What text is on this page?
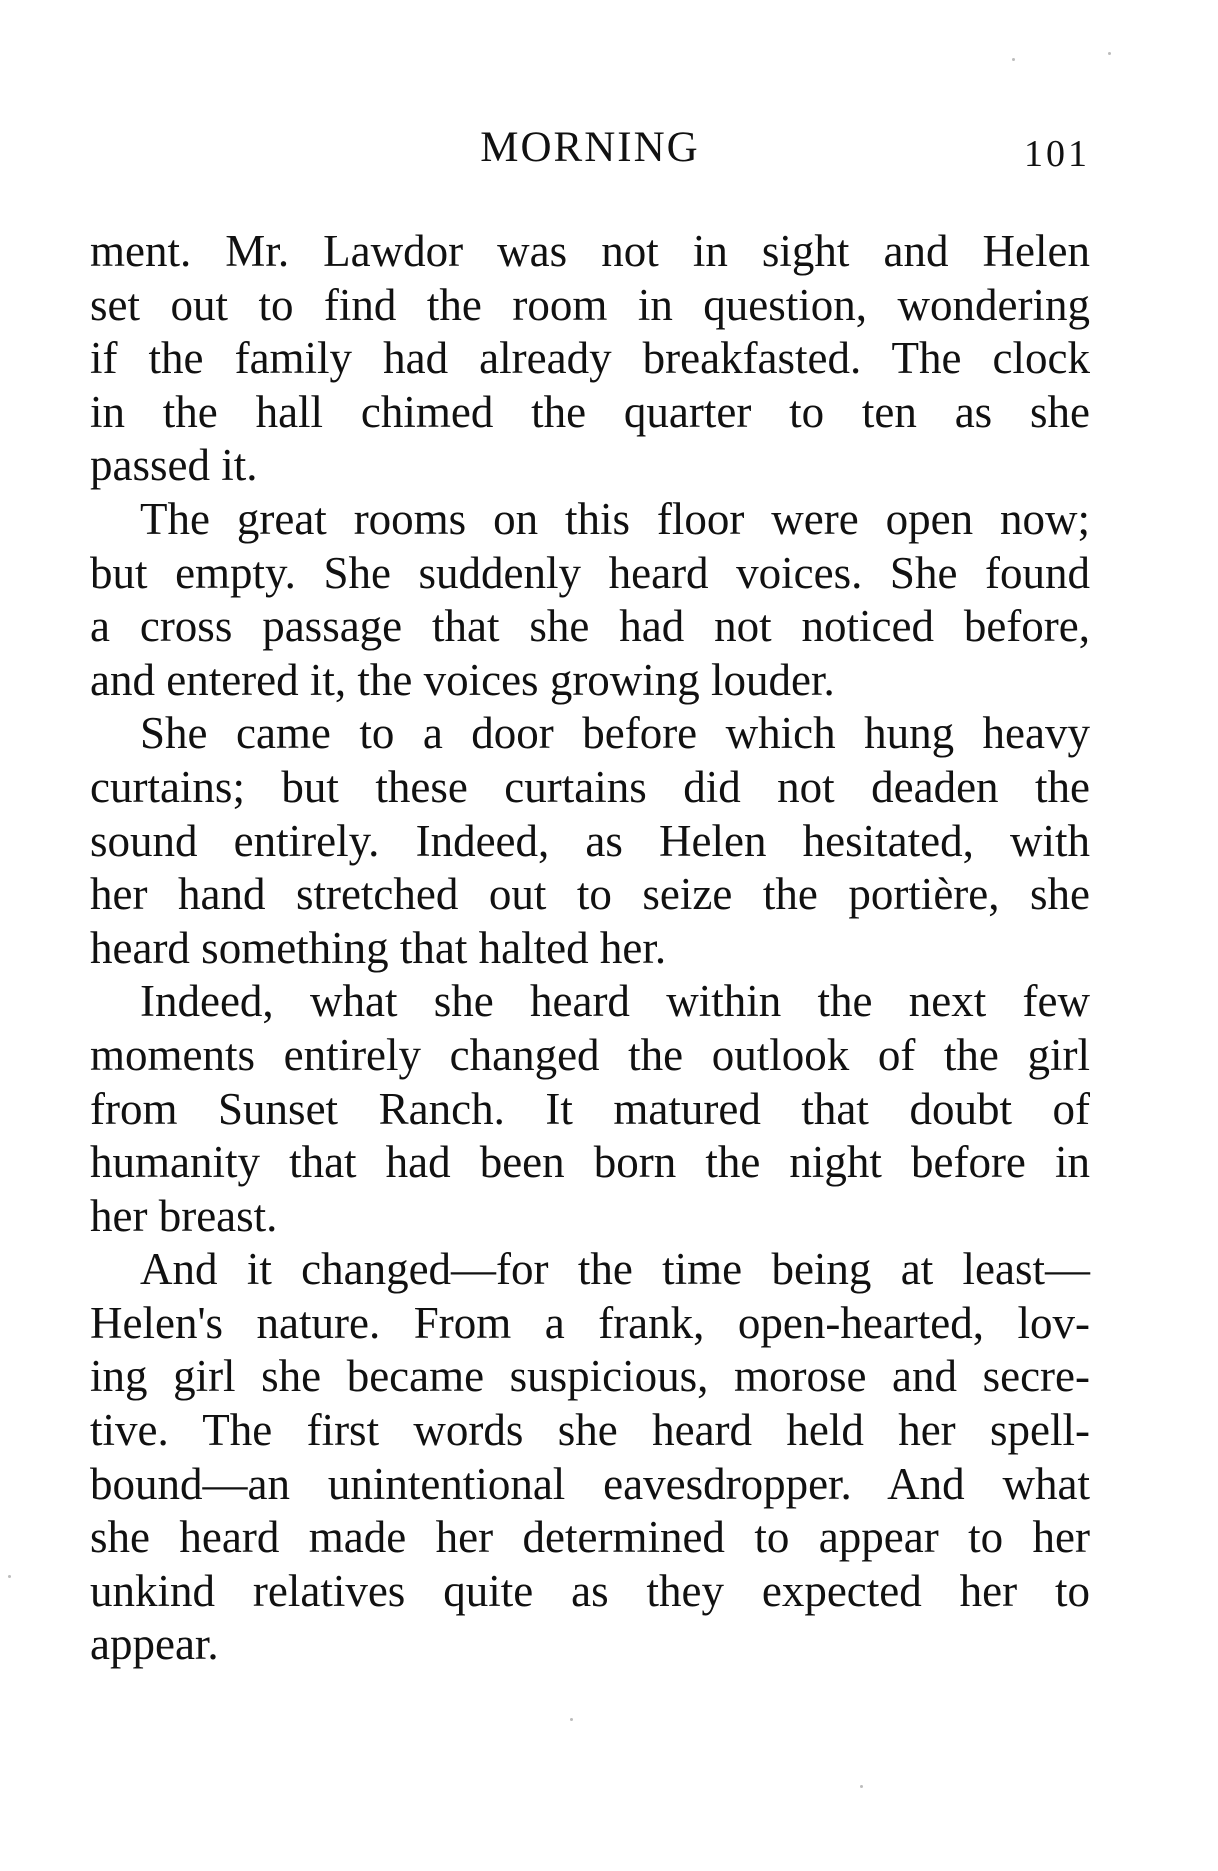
MORNING	101
ment. Mr. Lawdor was not in sight and Helen
set out to find the room in question, wondering
if the family had already breakfasted. The clock
in the hall chimed the quarter to ten as she
passed it.
The great rooms on this floor were open now;
but empty. She suddenly heard voices. She found
a cross passage that she had not noticed before,
and entered it, the voices growing louder.
She came to a door before which hung heavy
curtains; but these curtains did not deaden the
sound entirely. Indeed, as Helen hesitated, with
her hand stretched out to seize the portière, she
heard something that halted her.
Indeed, what she heard within the next few
moments entirely changed the outlook of the girl
from Sunset Ranch. It matured that doubt of
humanity that had been born the night before in
her breast.
And it changed—for the time being at least—
Helen's nature. From a frank, open-hearted, lov-
ing girl she became suspicious, morose and secre-
tive. The first words she heard held her spell-
bound—an unintentional eavesdropper. And what
she heard made her determined to appear to her
unkind relatives quite as they expected her to
appear.
